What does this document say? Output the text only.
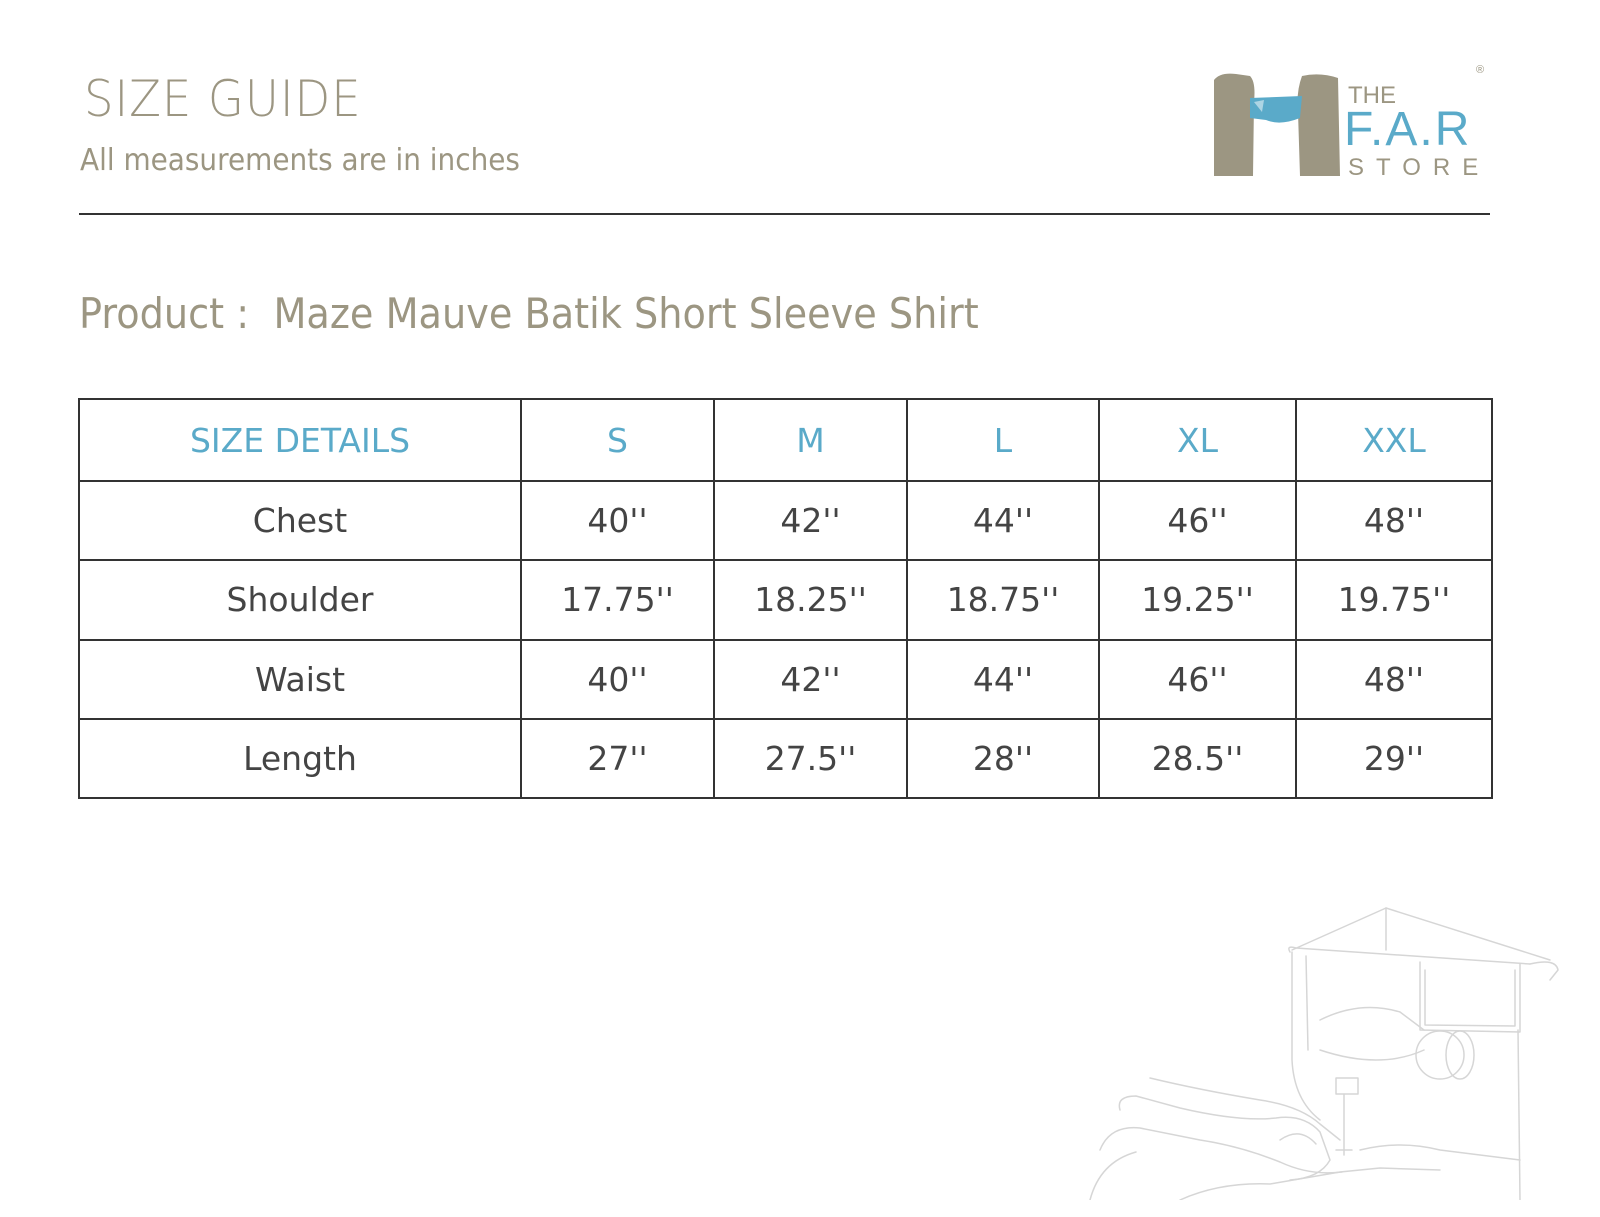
SIZE GUIDE

All measurements are in inches

THE
F.A.R
STORE
®

Product : Maze Mauve Batik Short Sleeve Shirt

SIZE DETAILS	S	M	L	XL	XXL
Chest	40''	42''	44''	46''	48''
Shoulder	17.75''	18.25''	18.75''	19.25''	19.75''
Waist	40''	42''	44''	46''	48''
Length	27''	27.5''	28''	28.5''	29''
